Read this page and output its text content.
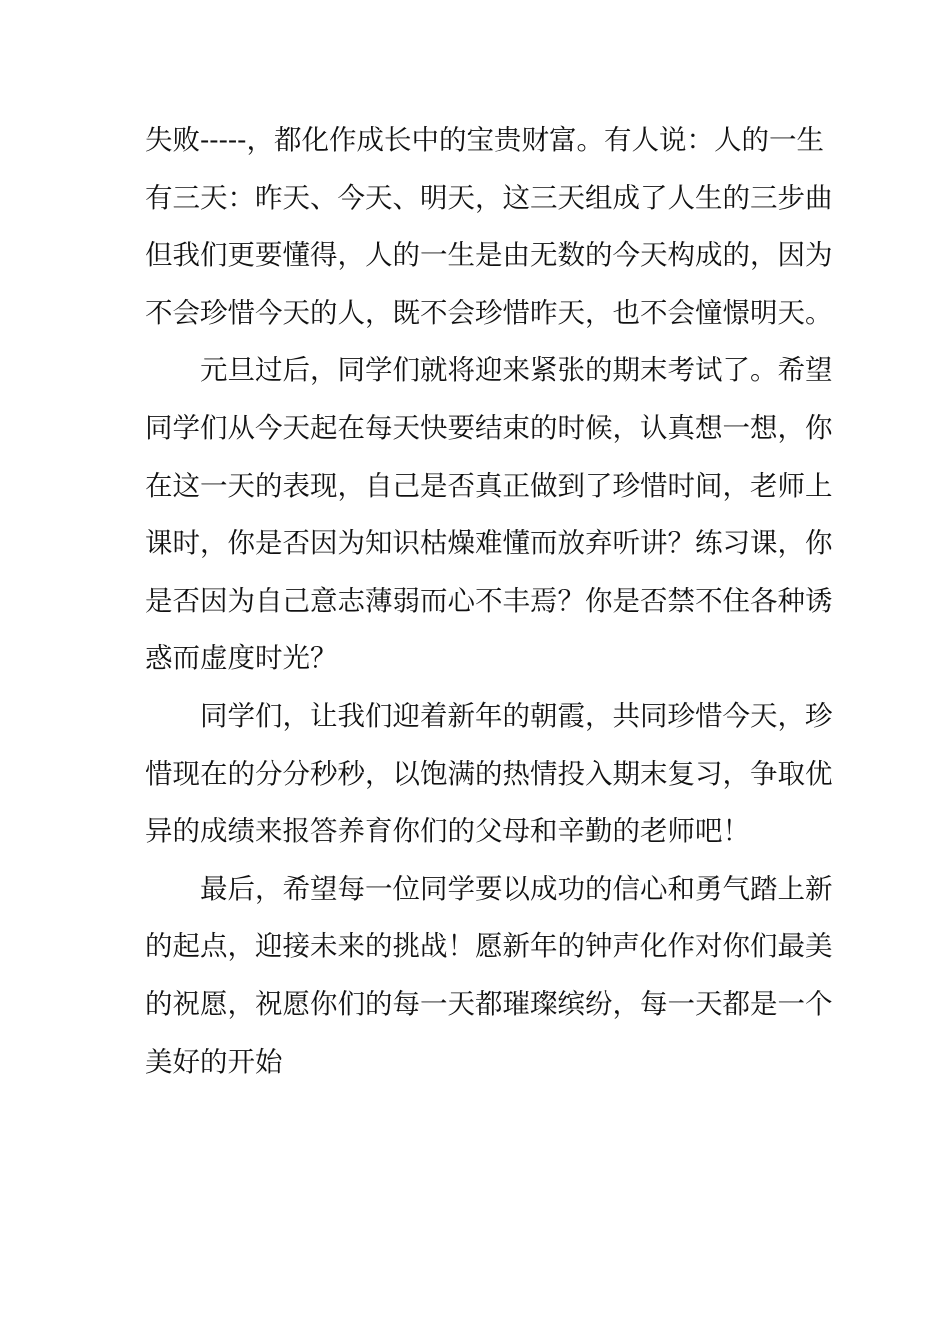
失败-----，都化作成长中的宝贵财富。有人说：人的一生
有三天：昨天、今天、明天，这三天组成了人生的三步曲
但我们更要懂得，人的一生是由无数的今天构成的，因为
不会珍惜今天的人，既不会珍惜昨天，也不会憧憬明天。
元旦过后，同学们就将迎来紧张的期末考试了。希望
同学们从今天起在每天快要结束的时候，认真想一想，你
在这一天的表现，自己是否真正做到了珍惜时间，老师上
课时，你是否因为知识枯燥难懂而放弃听讲？练习课，你
是否因为自己意志薄弱而心不丰焉？你是否禁不住各种诱
惑而虚度时光？
同学们，让我们迎着新年的朝霞，共同珍惜今天，珍
惜现在的分分秒秒，以饱满的热情投入期末复习，争取优
异的成绩来报答养育你们的父母和辛勤的老师吧！
最后，希望每一位同学要以成功的信心和勇气踏上新
的起点，迎接未来的挑战！愿新年的钟声化作对你们最美
的祝愿，祝愿你们的每一天都璀璨缤纷，每一天都是一个
美好的开始
